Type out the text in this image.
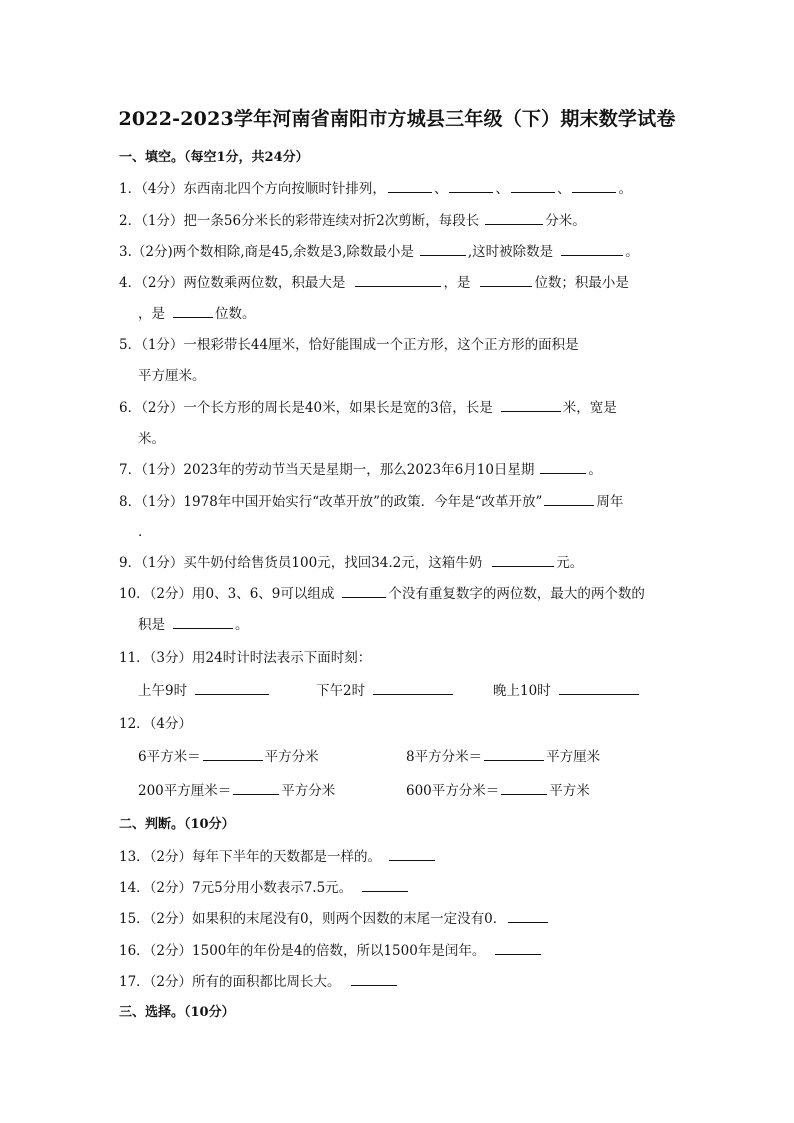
2022-2023学年河南省南阳市方城县三年级（下）期末数学试卷
一、填空。（每空1分，共24分）
1．（4分）东西南北四个方向按顺时针排列，	、	、	、	。
2．（1分）把一条56分米长的彩带连续对折2次剪断，每段长	分米。
3.（2分)两个数相除,商是45,余数是3,除数最小是	,这时被除数是	。
4．（2分）两位数乘两位数，积最大是	，是	位数；积最小是
，是	位数。
5．（1分）一根彩带长44厘米，恰好能围成一个正方形，这个正方形的面积是
平方厘米。
6．（2分）一个长方形的周长是40米，如果长是宽的3倍，长是	米，宽是
米。
7．（1分）2023年的劳动节当天是星期一，那么2023年6月10日星期	。
8．（1分）1978年中国开始实行“改革开放”的政策．今年是“改革开放”	周年
．
9．（1分）买牛奶付给售货员100元，找回34.2元，这箱牛奶	元。
10．（2分）用0、3、6、9可以组成	个没有重复数字的两位数，最大的两个数的
积是	。
11．（3分）用24时计时法表示下面时刻：
上午9时	下午2时	晚上10时
12．（4分）
6平方米＝	平方分米	8平方分米＝	平方厘米
200平方厘米＝	平方分米	600平方分米＝	平方米
二、判断。（10分）
13．（2分）每年下半年的天数都是一样的。
14．（2分）7元5分用小数表示7.5元。
15．（2分）如果积的末尾没有0，则两个因数的末尾一定没有0．
16．（2分）1500年的年份是4的倍数，所以1500年是闰年。
17．（2分）所有的面积都比周长大。
三、选择。（10分）
